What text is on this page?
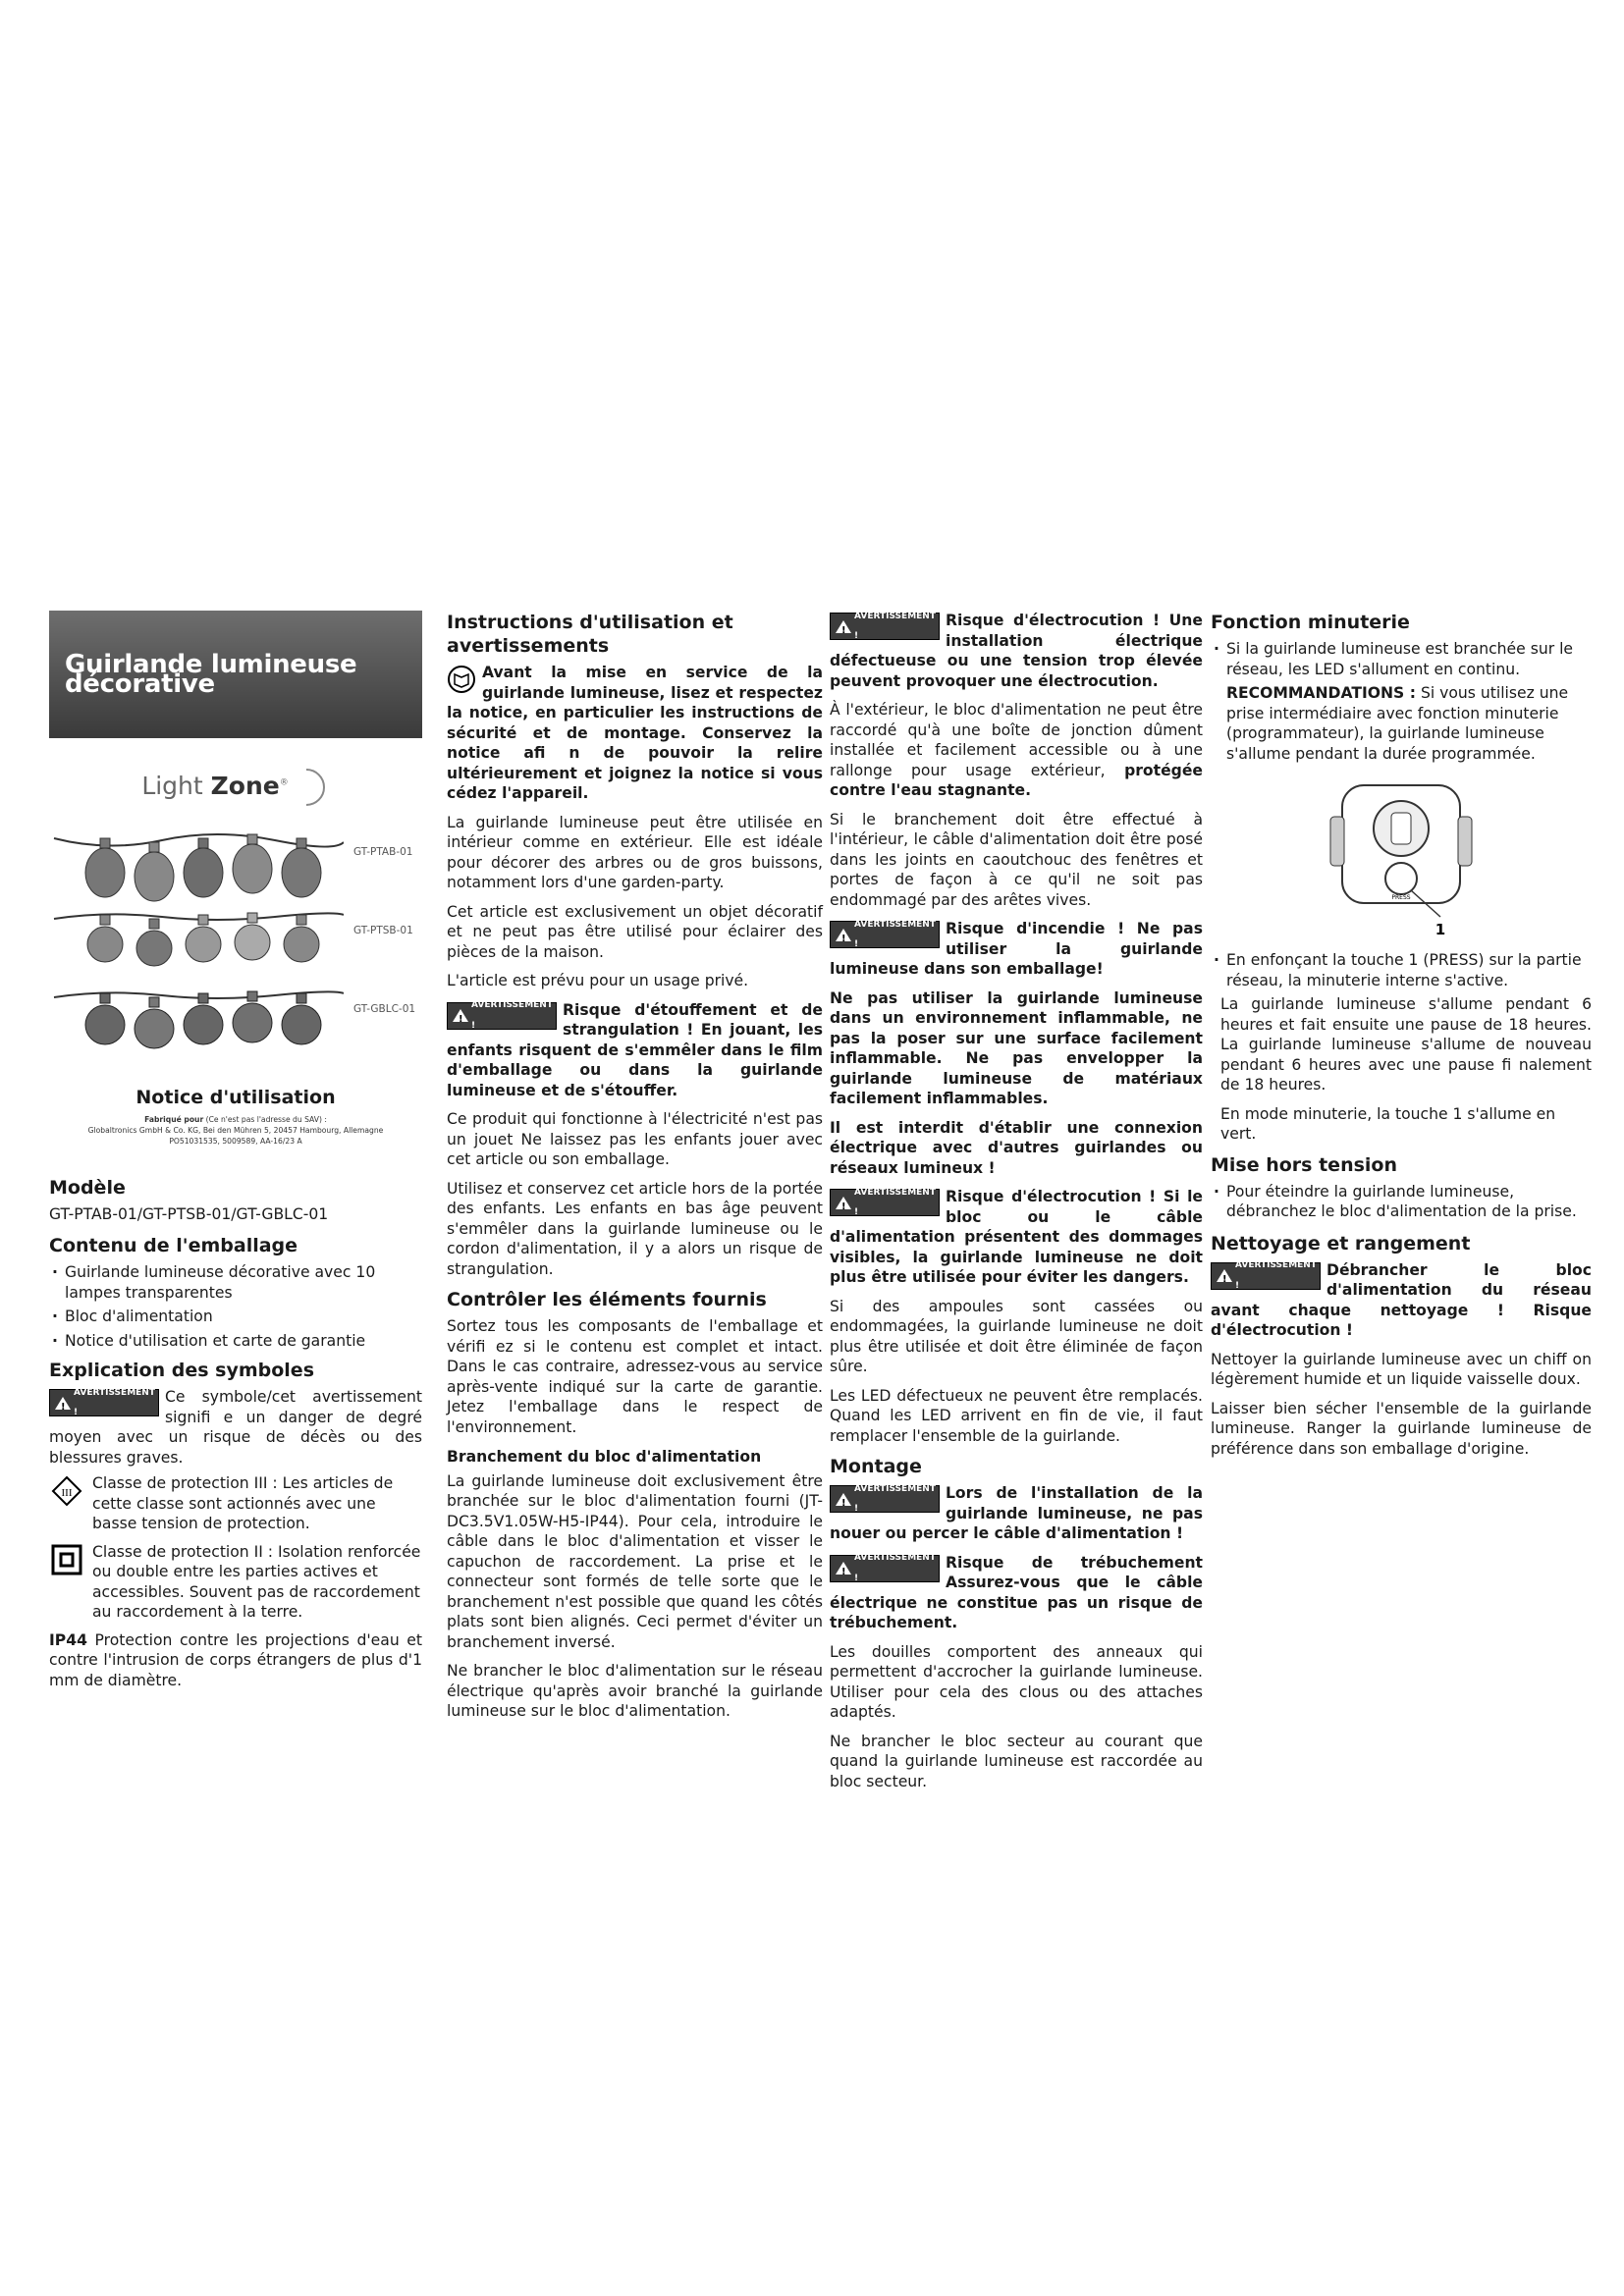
Guirlande lumineuse décorative
Light Zone®
GT-PTAB-01
GT-PTSB-01
GT-GBLC-01
Notice d'utilisation
Fabriqué pour (Ce n'est pas l'adresse du SAV) :
Globaltronics GmbH & Co. KG, Bei den Mühren 5, 20457 Hambourg, Allemagne
PO51031535, 5009589, AA-16/23 A
Modèle

GT-PTAB-01/GT-PTSB-01/GT-GBLC-01

Contenu de l'emballage
· Guirlande lumineuse décorative avec 10 lampes transparentes
· Bloc d'alimentation
· Notice d'utilisation et carte de garantie
Explication des symboles
!
AVERTISSEMENT !
Ce symbole/cet avertissement signifi e un danger de degré moyen avec un risque de décès ou des blessures graves.
III
Classe de protection III : Les articles de cette classe sont actionnés avec une basse tension de protection.
Classe de protection II : Isolation renforcée ou double entre les parties actives et accessibles. Souvent pas de raccordement au raccordement à la terre.

IP44 Protection contre les projections d'eau et contre l'intrusion de corps étrangers de plus d'1 mm de diamètre.

Instructions d'utilisation et avertissements

Avant la mise en service de la guirlande lumineuse, lisez et respectez la notice, en particulier les instructions de sécurité et de montage. Conservez la notice afi n de pouvoir la relire ultérieurement et joignez la notice si vous cédez l'appareil.

La guirlande lumineuse peut être utilisée en intérieur comme en extérieur. Elle est idéale pour décorer des arbres ou de gros buissons, notamment lors d'une garden-party.

Cet article est exclusivement un objet décoratif et ne peut pas être utilisé pour éclairer des pièces de la maison.

L'article est prévu pour un usage privé.

!
AVERTISSEMENT !
Risque d'étouffement et de strangulation ! En jouant, les enfants risquent de s'emmêler dans le film d'emballage ou dans la guirlande lumineuse et de s'étouffer.

Ce produit qui fonctionne à l'électricité n'est pas un jouet Ne laissez pas les enfants jouer avec cet article ou son emballage.

Utilisez et conservez cet article hors de la portée des enfants. Les enfants en bas âge peuvent s'emmêler dans la guirlande lumineuse ou le cordon d'alimentation, il y a alors un risque de strangulation.

Contrôler les éléments fournis

Sortez tous les composants de l'emballage et vérifi ez si le contenu est complet et intact. Dans le cas contraire, adressez-vous au service après-vente indiqué sur la carte de garantie. Jetez l'emballage dans le respect de l'environnement.

Branchement du bloc d'alimentation

La guirlande lumineuse doit exclusivement être branchée sur le bloc d'alimentation fourni (JT-DC3.5V1.05W-H5-IP44). Pour cela, introduire le câble dans le bloc d'alimentation et visser le capuchon de raccordement. La prise et le connecteur sont formés de telle sorte que le branchement n'est possible que quand les côtés plats sont bien alignés. Ceci permet d'éviter un branchement inversé.

Ne brancher le bloc d'alimentation sur le réseau électrique qu'après avoir branché la guirlande lumineuse sur le bloc d'alimentation.

!
AVERTISSEMENT !
Risque d'électrocution ! Une installation électrique défectueuse ou une tension trop élevée peuvent provoquer une électrocution.

À l'extérieur, le bloc d'alimentation ne peut être raccordé qu'à une boîte de jonction dûment installée et facilement accessible ou à une rallonge pour usage extérieur, protégée contre l'eau stagnante.

Si le branchement doit être effectué à l'intérieur, le câble d'alimentation doit être posé dans les joints en caoutchouc des fenêtres et portes de façon à ce qu'il ne soit pas endommagé par des arêtes vives.

!
AVERTISSEMENT !
Risque d'incendie ! Ne pas utiliser la guirlande lumineuse dans son emballage!

Ne pas utiliser la guirlande lumineuse dans un environnement inflammable, ne pas la poser sur une surface facilement inflammable. Ne pas envelopper la guirlande lumineuse de matériaux facilement inflammables.

Il est interdit d'établir une connexion électrique avec d'autres guirlandes ou réseaux lumineux !

!
AVERTISSEMENT !
Risque d'électrocution ! Si le bloc ou le câble d'alimentation présentent des dommages visibles, la guirlande lumineuse ne doit plus être utilisée pour éviter les dangers.

Si des ampoules sont cassées ou endommagées, la guirlande lumineuse ne doit plus être utilisée et doit être éliminée de façon sûre.

Les LED défectueux ne peuvent être remplacés. Quand les LED arrivent en fin de vie, il faut remplacer l'ensemble de la guirlande.

Montage

!
AVERTISSEMENT !
Lors de l'installation de la guirlande lumineuse, ne pas nouer ou percer le câble d'alimentation !

!
AVERTISSEMENT !
Risque de trébuchement Assurez-vous que le câble électrique ne constitue pas un risque de trébuchement.

Les douilles comportent des anneaux qui permettent d'accrocher la guirlande lumineuse. Utiliser pour cela des clous ou des attaches adaptés.

Ne brancher le bloc secteur au courant que quand la guirlande lumineuse est raccordée au bloc secteur.

Fonction minuterie
· Si la guirlande lumineuse est branchée sur le réseau, les LED s'allument en continu.

RECOMMANDATIONS : Si vous utilisez une prise intermédiaire avec fonction minuterie (programmateur), la guirlande lumineuse s'allume pendant la durée programmée.

PRESS
1
· En enfonçant la touche 1 (PRESS) sur la partie réseau, la minuterie interne s'active.

La guirlande lumineuse s'allume pendant 6 heures et fait ensuite une pause de 18 heures. La guirlande lumineuse s'allume de nouveau pendant 6 heures avec une pause fi nalement de 18 heures.

En mode minuterie, la touche 1 s'allume en vert.

Mise hors tension
· Pour éteindre la guirlande lumineuse, débranchez le bloc d'alimentation de la prise.
Nettoyage et rangement

!
AVERTISSEMENT !
Débrancher le bloc d'alimentation du réseau avant chaque nettoyage ! Risque d'électrocution !

Nettoyer la guirlande lumineuse avec un chiff on légèrement humide et un liquide vaisselle doux.

Laisser bien sécher l'ensemble de la guirlande lumineuse. Ranger la guirlande lumineuse de préférence dans son emballage d'origine.
